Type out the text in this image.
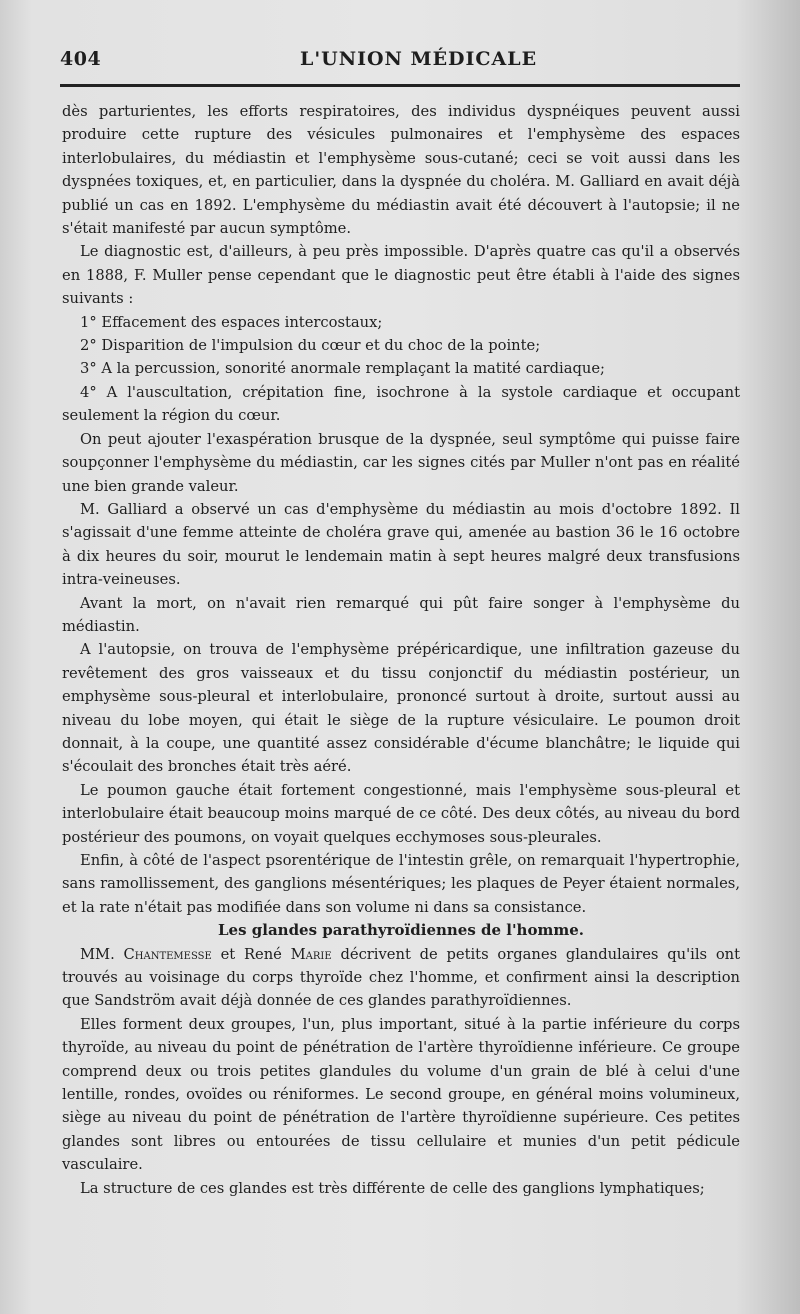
404	L'UNION MÉDICALE

dès parturientes, les efforts respiratoires, des individus dyspnéiques peuvent aussi produire cette rupture des vésicules pulmonaires et l'emphysème des espaces interlobulaires, du médiastin et l'emphysème sous-cutané; ceci se voit aussi dans les dyspnées toxiques, et, en particulier, dans la dyspnée du choléra. M. Galliard en avait déjà publié un cas en 1892. L'emphysème du médiastin avait été découvert à l'autopsie; il ne s'était manifesté par aucun symptôme.

Le diagnostic est, d'ailleurs, à peu près impossible. D'après quatre cas qu'il a observés en 1888, F. Muller pense cependant que le diagnostic peut être établi à l'aide des signes suivants :

1° Effacement des espaces intercostaux;

2° Disparition de l'impulsion du cœur et du choc de la pointe;

3° A la percussion, sonorité anormale remplaçant la matité cardiaque;

4° A l'auscultation, crépitation fine, isochrone à la systole cardiaque et occupant seulement la région du cœur.

On peut ajouter l'exaspération brusque de la dyspnée, seul symptôme qui puisse faire soupçonner l'emphysème du médiastin, car les signes cités par Muller n'ont pas en réalité une bien grande valeur.

M. Galliard a observé un cas d'emphysème du médiastin au mois d'octobre 1892. Il s'agissait d'une femme atteinte de choléra grave qui, amenée au bastion 36 le 16 octobre à dix heures du soir, mourut le lendemain matin à sept heures malgré deux transfusions intra-veineuses.

Avant la mort, on n'avait rien remarqué qui pût faire songer à l'emphysème du médiastin.

A l'autopsie, on trouva de l'emphysème prépéricardique, une infiltration gazeuse du revêtement des gros vaisseaux et du tissu conjonctif du médiastin postérieur, un emphysème sous-pleural et interlobulaire, prononcé surtout à droite, surtout aussi au niveau du lobe moyen, qui était le siège de la rupture vésiculaire. Le poumon droit donnait, à la coupe, une quantité assez considérable d'écume blanchâtre; le liquide qui s'écoulait des bronches était très aéré.

Le poumon gauche était fortement congestionné, mais l'emphysème sous-pleural et interlobulaire était beaucoup moins marqué de ce côté. Des deux côtés, au niveau du bord postérieur des poumons, on voyait quelques ecchymoses sous-pleurales.

Enfin, à côté de l'aspect psorentérique de l'intestin grêle, on remarquait l'hypertrophie, sans ramollissement, des ganglions mésentériques; les plaques de Peyer étaient normales, et la rate n'était pas modifiée dans son volume ni dans sa consistance.

Les glandes parathyroïdiennes de l'homme.

MM. Chantemesse et René Marie décrivent de petits organes glandulaires qu'ils ont trouvés au voisinage du corps thyroïde chez l'homme, et confirment ainsi la description que Sandström avait déjà donnée de ces glandes parathyroïdiennes.

Elles forment deux groupes, l'un, plus important, situé à la partie inférieure du corps thyroïde, au niveau du point de pénétration de l'artère thyroïdienne inférieure. Ce groupe comprend deux ou trois petites glandules du volume d'un grain de blé à celui d'une lentille, rondes, ovoïdes ou réniformes. Le second groupe, en général moins volumineux, siège au niveau du point de pénétration de l'artère thyroïdienne supérieure. Ces petites glandes sont libres ou entourées de tissu cellulaire et munies d'un petit pédicule vasculaire.

La structure de ces glandes est très différente de celle des ganglions lymphatiques;
